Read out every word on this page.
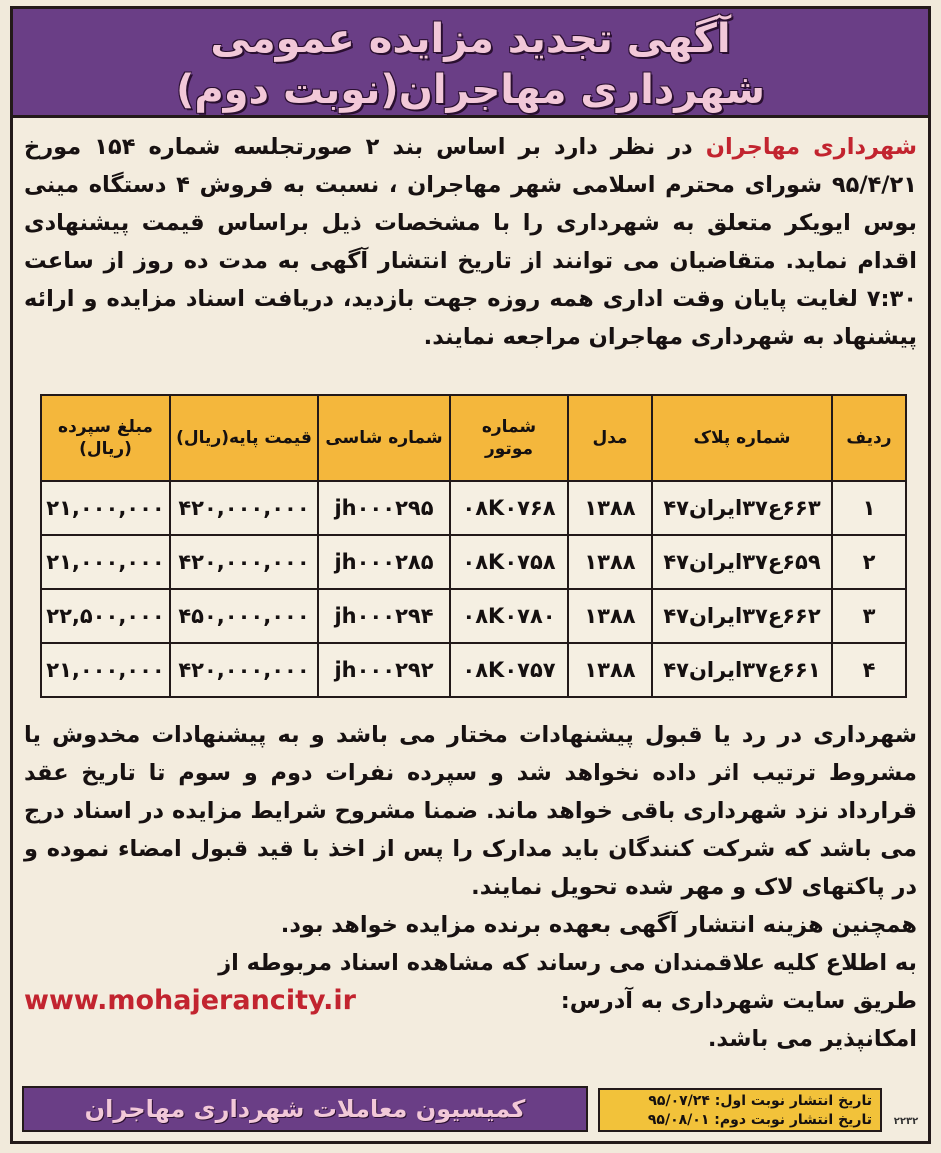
آگهی تجدید مزایده عمومی
شهرداری مهاجران(نوبت دوم)
شهرداری مهاجران در نظر دارد بر اساس بند ۲ صورتجلسه شماره ۱۵۴ مورخ ۹۵/۴/۲۱ شورای محترم اسلامی شهر مهاجران ، نسبت به فروش ۴ دستگاه مینی بوس ایویکر متعلق به شهرداری را با مشخصات ذیل براساس قیمت پیشنهادی اقدام نماید. متقاضیان می توانند از تاریخ انتشار آگهی به مدت ده روز از ساعت ۷:۳۰ لغایت پایان وقت اداری همه روزه جهت بازدید، دریافت اسناد مزایده و ارائه پیشنهاد به شهرداری مهاجران مراجعه نمایند.
ردیف	شماره پلاک	مدل	شماره موتور	شماره شاسی	قیمت پایه(ریال)	مبلغ سپرده (ریال)
۱	۶۶۳ع۳۷ایران۴۷	۱۳۸۸	۰۸K۰۷۶۸	jh۰۰۰۲۹۵	۴۲۰,۰۰۰,۰۰۰	۲۱,۰۰۰,۰۰۰
۲	۶۵۹ع۳۷ایران۴۷	۱۳۸۸	۰۸K۰۷۵۸	jh۰۰۰۲۸۵	۴۲۰,۰۰۰,۰۰۰	۲۱,۰۰۰,۰۰۰
۳	۶۶۲ع۳۷ایران۴۷	۱۳۸۸	۰۸K۰۷۸۰	jh۰۰۰۲۹۴	۴۵۰,۰۰۰,۰۰۰	۲۲,۵۰۰,۰۰۰
۴	۶۶۱ع۳۷ایران۴۷	۱۳۸۸	۰۸K۰۷۵۷	jh۰۰۰۲۹۲	۴۲۰,۰۰۰,۰۰۰	۲۱,۰۰۰,۰۰۰
شهرداری در رد یا قبول پیشنهادات مختار می باشد و به پیشنهادات مخدوش یا مشروط ترتیب اثر داده نخواهد شد و سپرده نفرات دوم و سوم تا تاریخ عقد قرارداد نزد شهرداری باقی خواهد ماند. ضمنا مشروح شرایط مزایده در اسناد درج می باشد که شرکت کنندگان باید مدارک را پس از اخذ با قید قبول امضاء نموده و در پاکتهای لاک و مهر شده تحویل نمایند.
همچنین هزینه انتشار آگهی بعهده برنده مزایده خواهد بود.
به اطلاع کلیه علاقمندان می رساند که مشاهده اسناد مربوطه از
طریق سایت شهرداری به آدرس:
www.mohajerancity.ir
امکانپذیر می باشد.
کمیسیون معاملات شهرداری مهاجران	تاریخ انتشار نوبت اول: ۹۵/۰۷/۲۴
تاریخ انتشار نوبت دوم: ۹۵/۰۸/۰۱	۲۲۳۲
